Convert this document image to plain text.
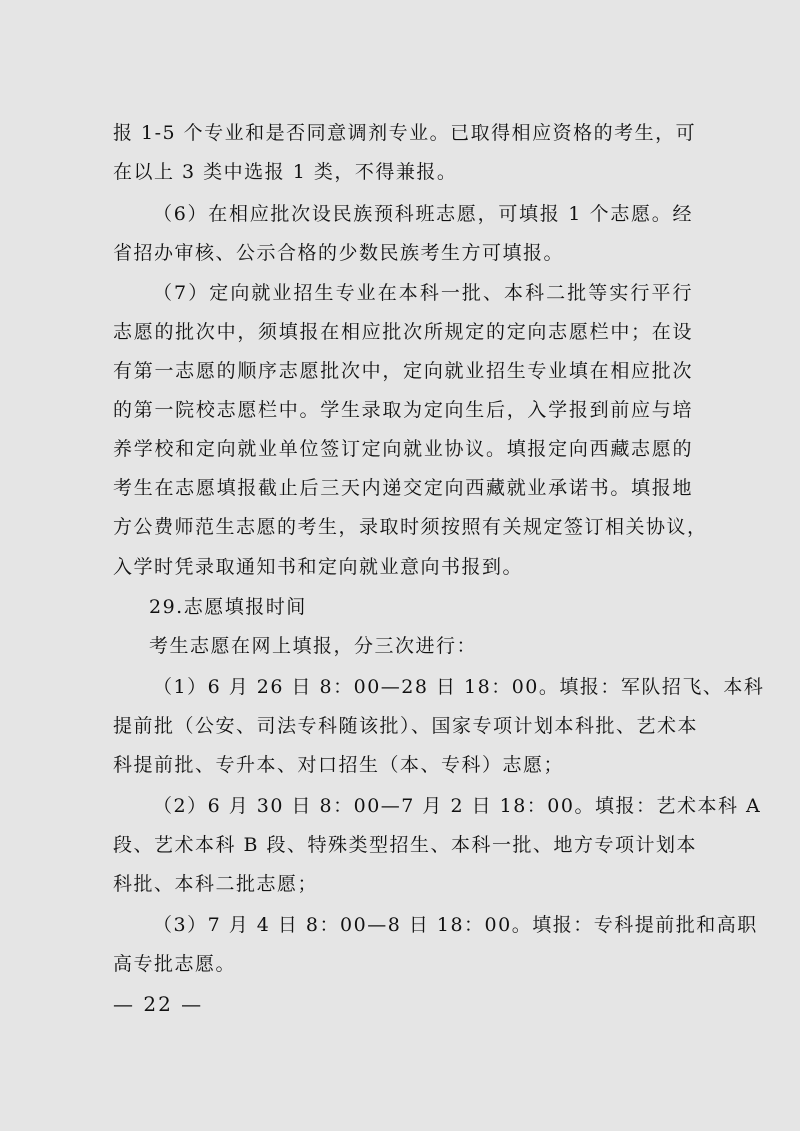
报 1-5 个专业和是否同意调剂专业。已取得相应资格的考生，可
在以上 3 类中选报 1 类，不得兼报。
（6）在相应批次设民族预科班志愿，可填报 1 个志愿。经
省招办审核、公示合格的少数民族考生方可填报。
（7）定向就业招生专业在本科一批、本科二批等实行平行
志愿的批次中，须填报在相应批次所规定的定向志愿栏中；在设
有第一志愿的顺序志愿批次中，定向就业招生专业填在相应批次
的第一院校志愿栏中。学生录取为定向生后，入学报到前应与培
养学校和定向就业单位签订定向就业协议。填报定向西藏志愿的
考生在志愿填报截止后三天内递交定向西藏就业承诺书。填报地
方公费师范生志愿的考生，录取时须按照有关规定签订相关协议，
入学时凭录取通知书和定向就业意向书报到。
29.志愿填报时间
考生志愿在网上填报，分三次进行：
（1）6 月 26 日 8：00—28 日 18：00。填报：军队招飞、本科
提前批（公安、司法专科随该批）、国家专项计划本科批、艺术本
科提前批、专升本、对口招生（本、专科）志愿；
（2）6 月 30 日 8：00—7 月 2 日 18：00。填报：艺术本科 A
段、艺术本科 B 段、特殊类型招生、本科一批、地方专项计划本
科批、本科二批志愿；
（3）7 月 4 日 8：00—8 日 18：00。填报：专科提前批和高职
高专批志愿。
— 22 —
